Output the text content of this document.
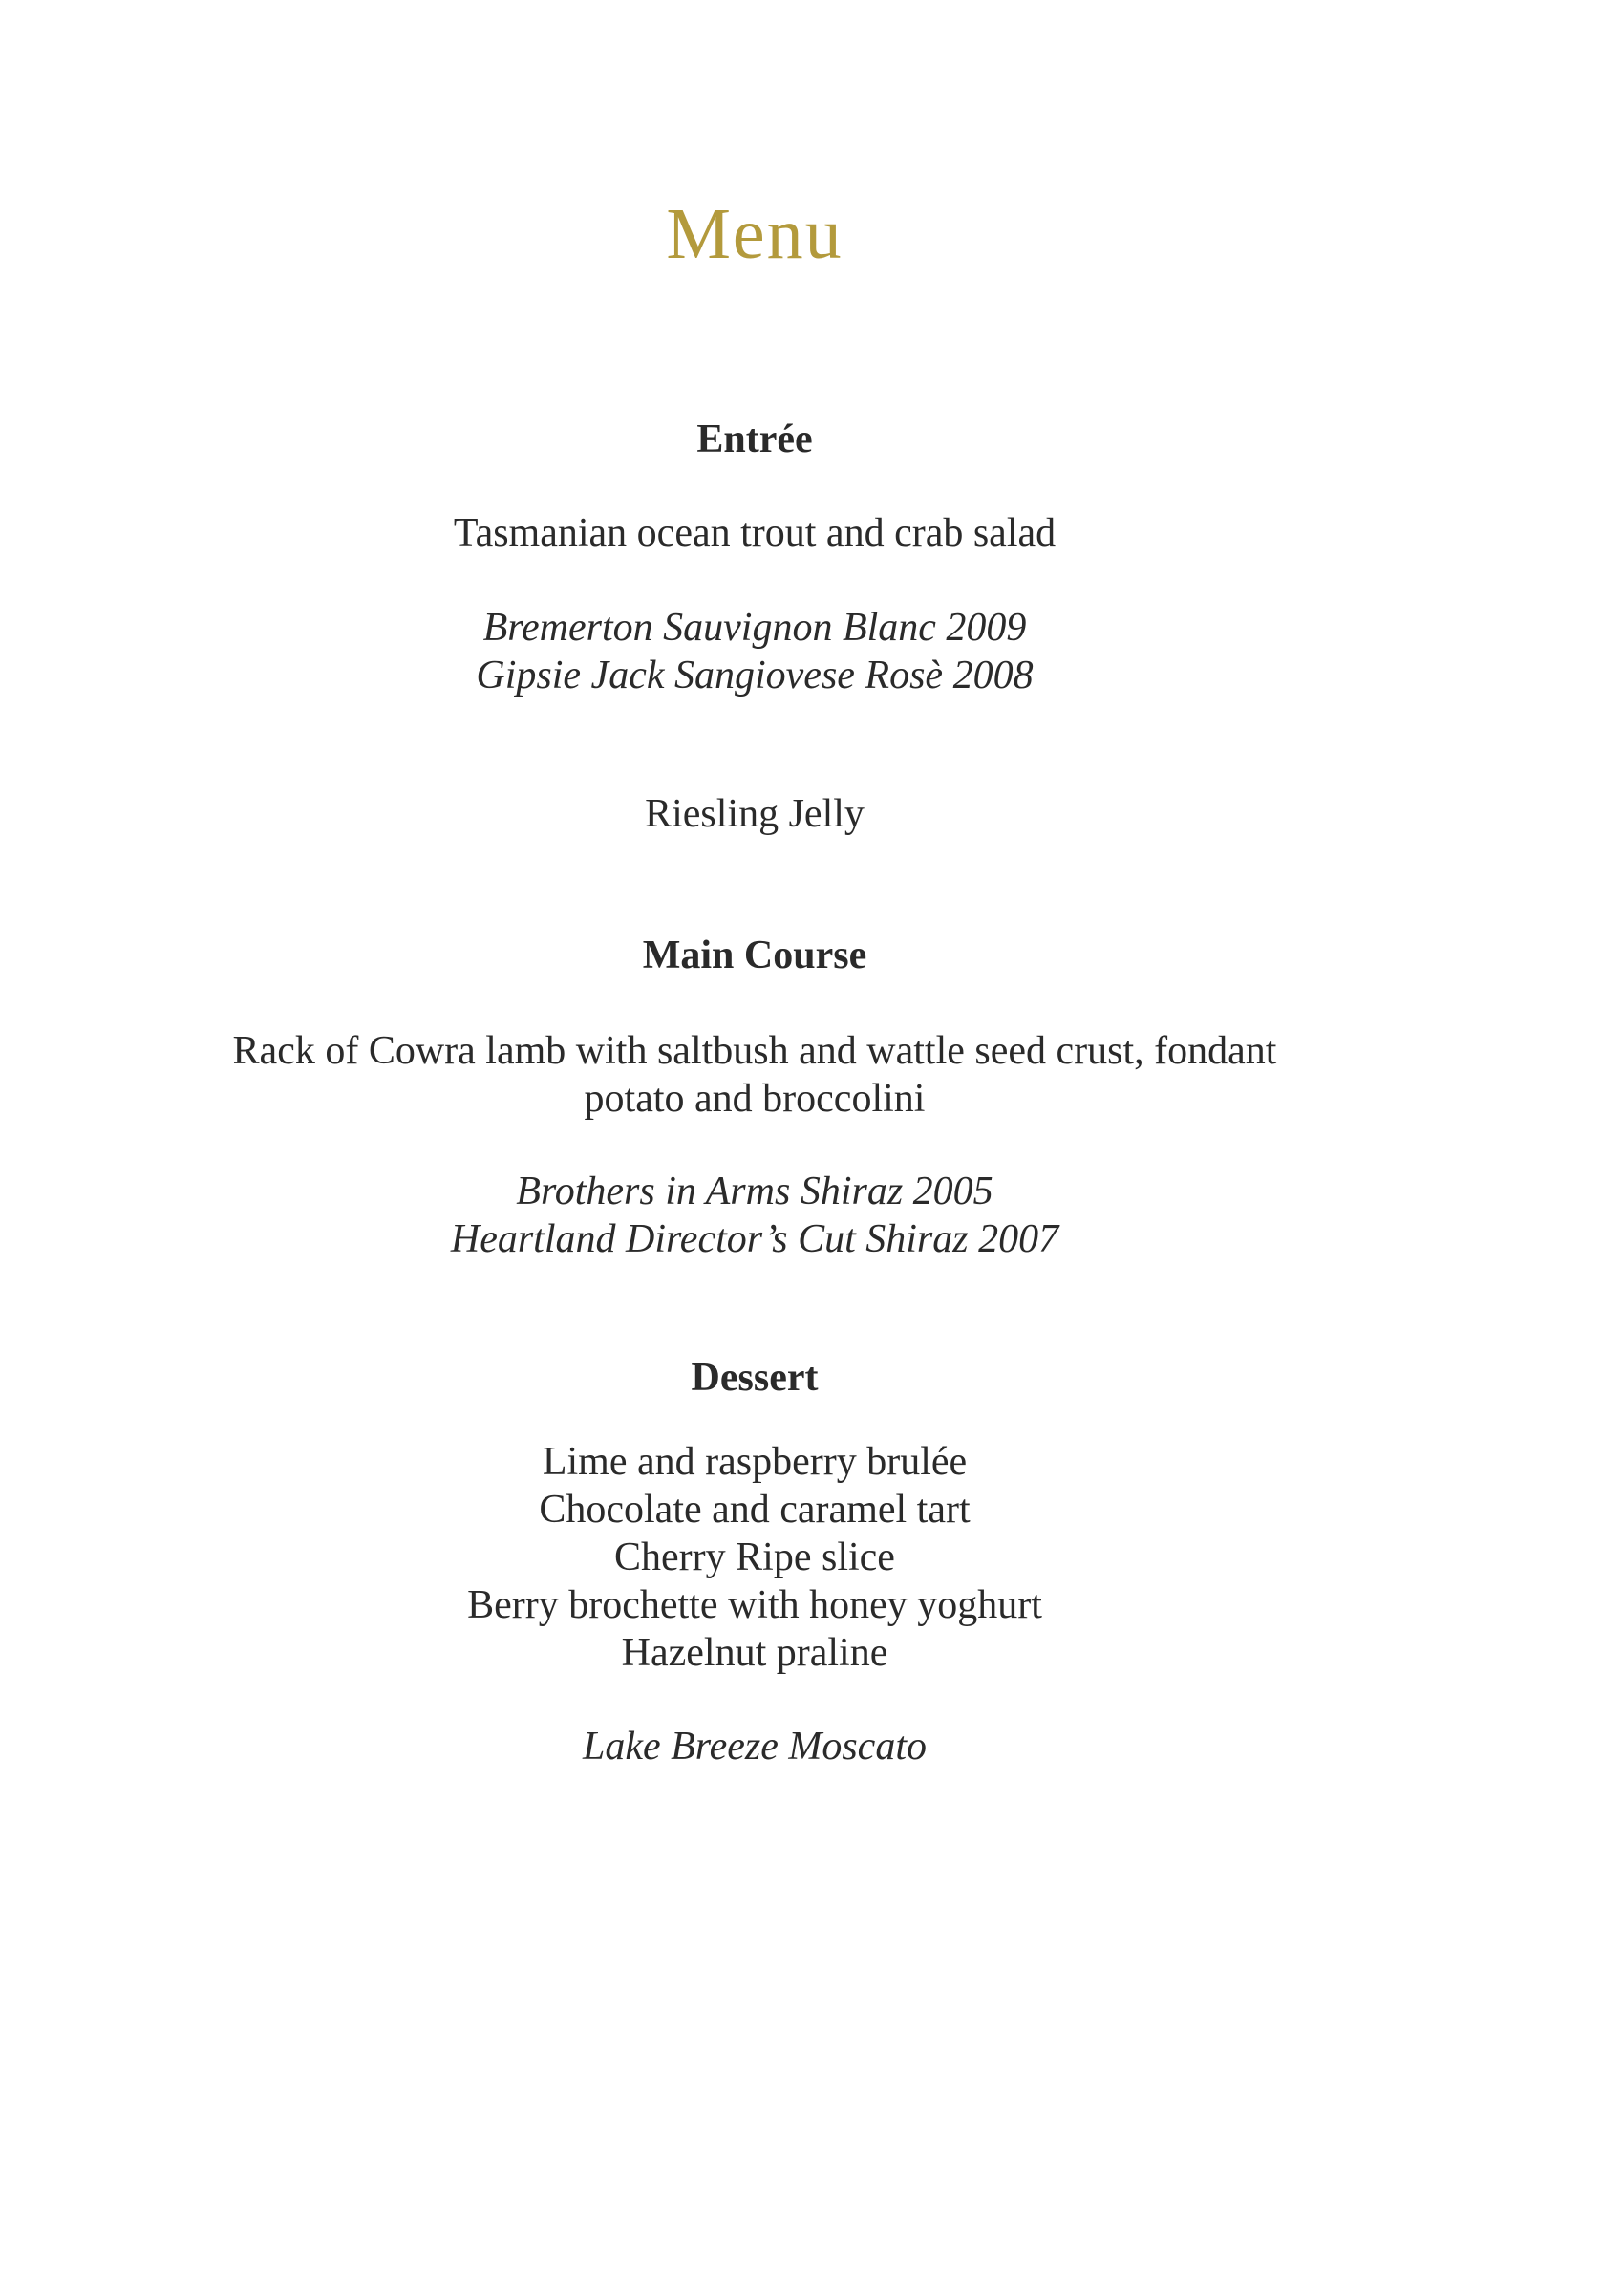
Menu
Entrée
Tasmanian ocean trout and crab salad
Bremerton Sauvignon Blanc 2009
Gipsie Jack Sangiovese Rosè 2008
Riesling Jelly
Main Course
Rack of Cowra lamb with saltbush and wattle seed crust, fondant
potato and broccolini
Brothers in Arms Shiraz 2005
Heartland Director’s Cut Shiraz 2007
Dessert
Lime and raspberry brulée
Chocolate and caramel tart
Cherry Ripe slice
Berry brochette with honey yoghurt
Hazelnut praline
Lake Breeze Moscato
